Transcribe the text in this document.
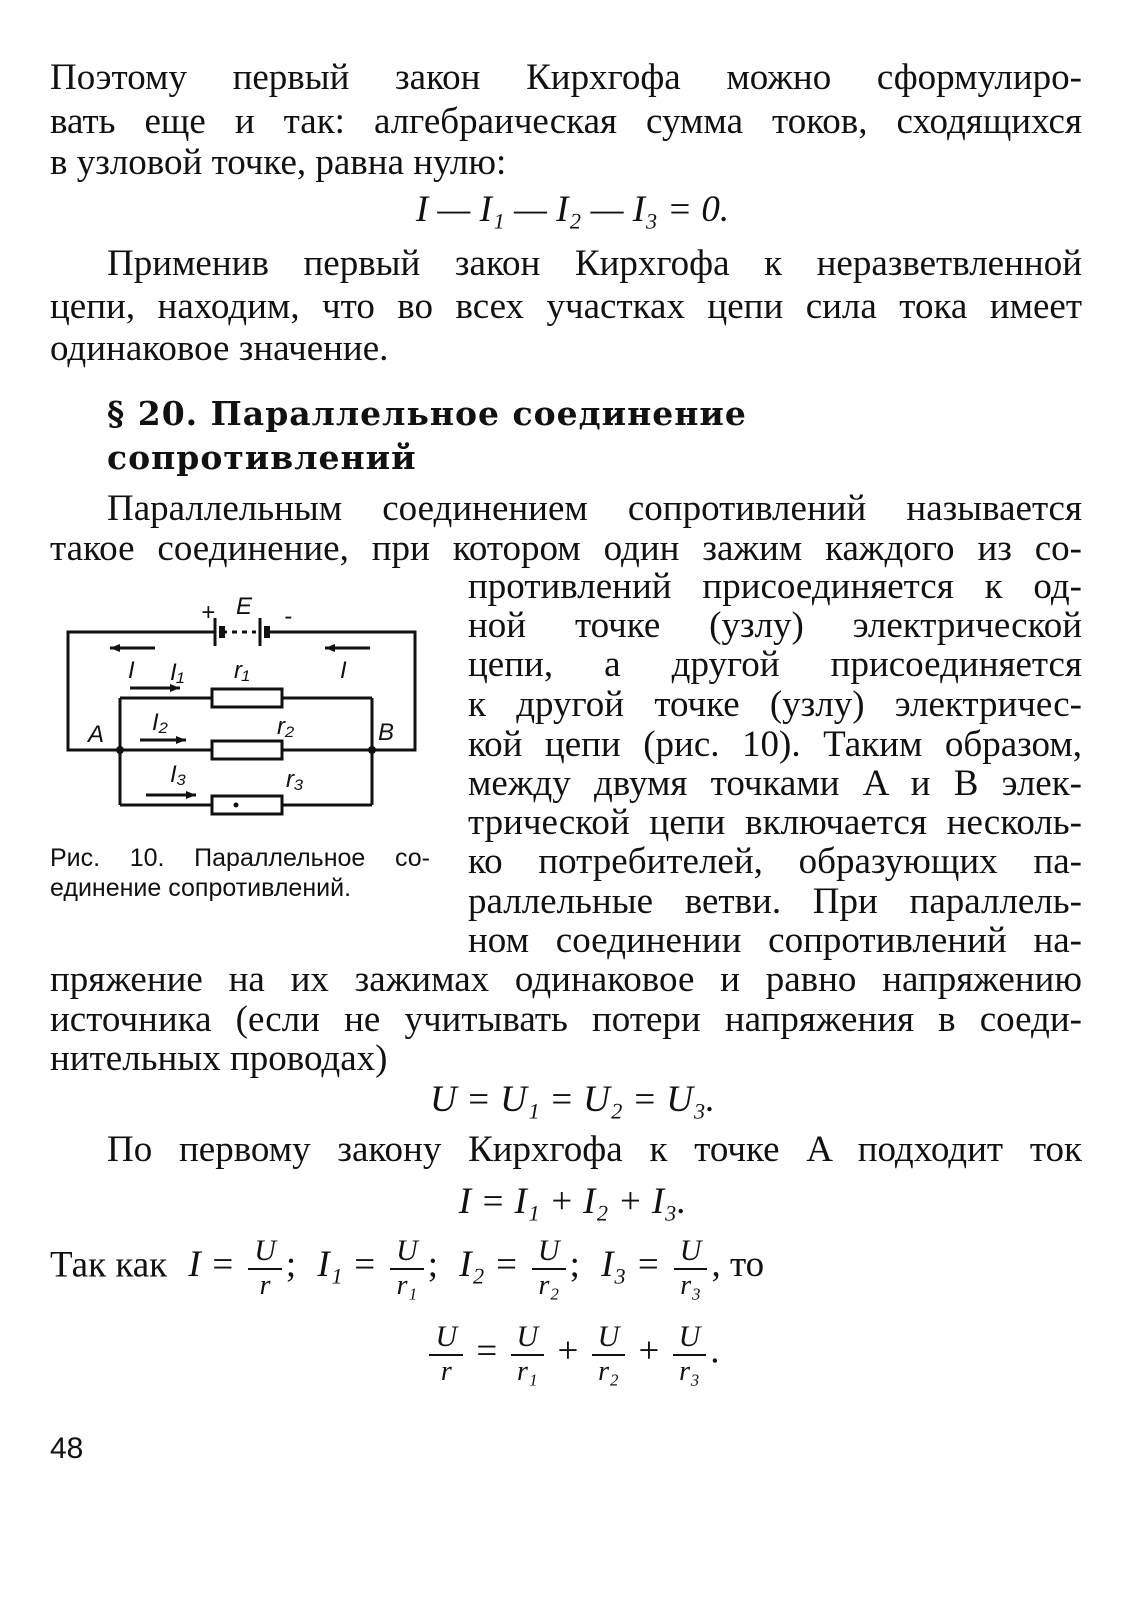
Поэтому первый закон Кирхгофа можно сформулиро-
вать еще и так: алгебраическая сумма токов, сходящихся
в узловой точке, равна нулю:
I — I₁ — I₂ — I₃ = 0.
Применив первый закон Кирхгофа к неразветвленной
цепи, находим, что во всех участках цепи сила тока имеет
одинаковое значение.
§ 20. Параллельное соединение
сопротивлений
Параллельным соединением сопротивлений называется
такое соединение, при котором один зажим каждого из со-
противлений присоединяется к од-
ной точке (узлу) электрической
цепи, а другой присоединяется
к другой точке (узлу) электричес-
кой цепи (рис. 10). Таким образом,
между двумя точками A и B элек-
трической цепи включается несколь-
ко потребителей, образующих па-
раллельные ветви. При параллель-
ном соединении сопротивлений на-
пряжение на их зажимах одинаковое и равно напряжению
источника (если не учитывать потери напряжения в соеди-
нительных проводах)
+ E -
I	I
I₁ r₁
I₂	r₂
A	B
I₃	r₃
Рис. 10. Параллельное со-
единение сопротивлений.
U = U₁ = U₂ = U₃.
По первому закону Кирхгофа к точке A подходит ток
I = I₁ + I₂ + I₃.
Так как $I = \frac{U}{r}$ ; $I_1 = \frac{U}{\text{r₁}}$ ; $I_2 = \frac{U}{\text{r₂}}$ ; $I_3 = \frac{U}{\text{r₃}}$ , то
$\frac{U}{r} = \frac{U}{\text{r₁}} + \frac{U}{\text{r₂}} + \frac{U}{\text{r₃}}$ .
48
